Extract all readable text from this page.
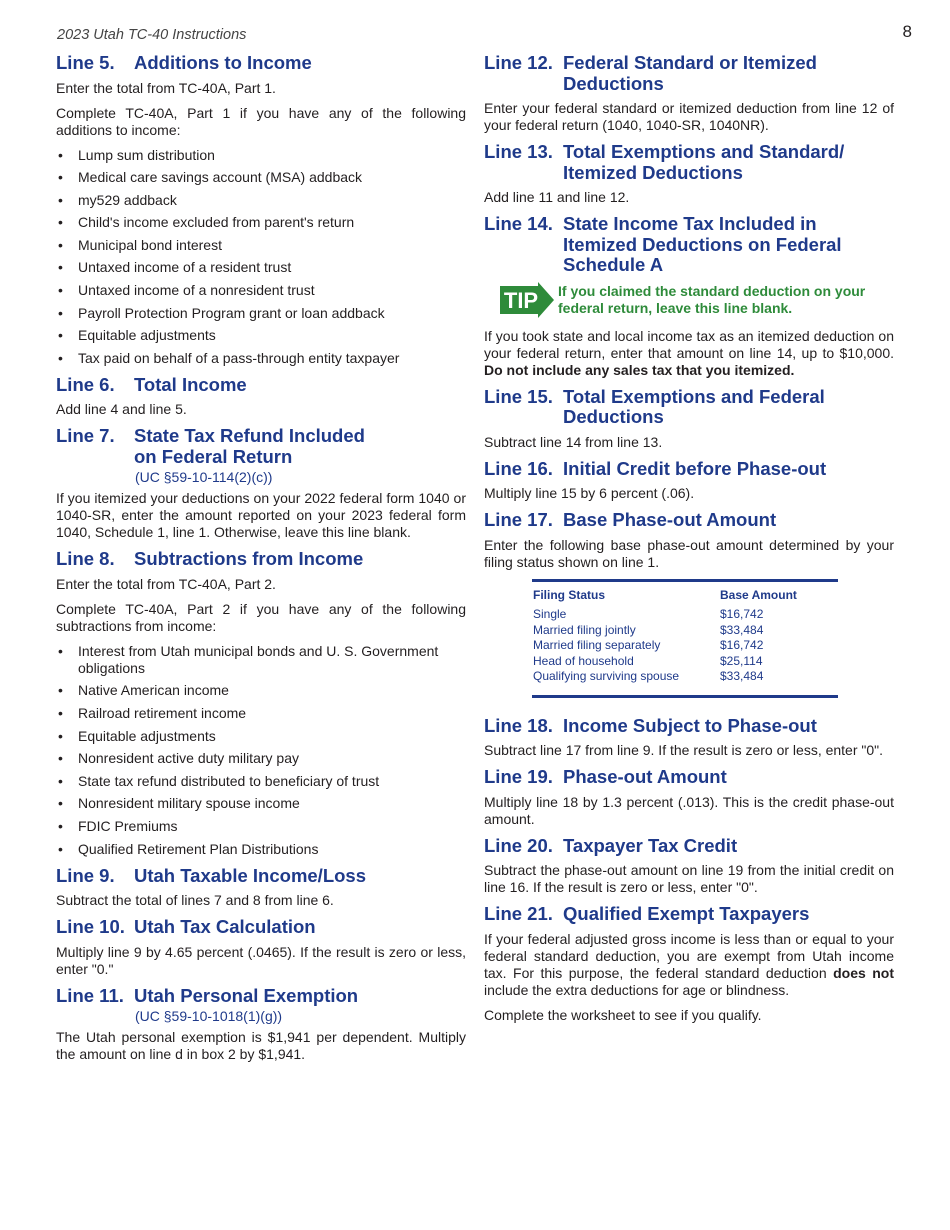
2023 Utah TC-40 Instructions	8
Line 5.	Additions to Income

Enter the total from TC-40A, Part 1.

Complete TC-40A, Part 1 if you have any of the following additions to income:

• Lump sum distribution
• Medical care savings account (MSA) addback
• my529 addback
• Child's income excluded from parent's return
• Municipal bond interest
• Untaxed income of a resident trust
• Untaxed income of a nonresident trust
• Payroll Protection Program grant or loan addback
• Equitable adjustments
• Tax paid on behalf of a pass-through entity taxpayer
Line 6.	Total Income

Add line 4 and line 5.

Line 7.	State Tax Refund Included on Federal Return
(UC §59-10-114(2)(c))

If you itemized your deductions on your 2022 federal form 1040 or 1040-SR, enter the amount reported on your 2023 federal form 1040, Schedule 1, line 1. Otherwise, leave this line blank.

Line 8.	Subtractions from Income

Enter the total from TC-40A, Part 2.

Complete TC-40A, Part 2 if you have any of the following subtractions from income:

• Interest from Utah municipal bonds and U. S. Government obligations
• Native American income
• Railroad retirement income
• Equitable adjustments
• Nonresident active duty military pay
• State tax refund distributed to beneficiary of trust
• Nonresident military spouse income
• FDIC Premiums
• Qualified Retirement Plan Distributions
Line 9.	Utah Taxable Income/Loss

Subtract the total of lines 7 and 8 from line 6.

Line 10. Utah Tax Calculation

Multiply line 9 by 4.65 percent (.0465). If the result is zero or less, enter "0."

Line 11. Utah Personal Exemption
(UC §59-10-1018(1)(g))

The Utah personal exemption is $1,941 per dependent. Multiply the amount on line d in box 2 by $1,941.

Line 12. Federal Standard or Itemized Deductions

Enter your federal standard or itemized deduction from line 12 of your federal return (1040, 1040-SR, 1040NR).

Line 13. Total Exemptions and Standard/ Itemized Deductions

Add line 11 and line 12.

Line 14. State Income Tax Included in Itemized Deductions on Federal Schedule A
TIP If you claimed the standard deduction on your federal return, leave this line blank.

If you took state and local income tax as an itemized deduction on your federal return, enter that amount on line 14, up to $10,000. Do not include any sales tax that you itemized.

Line 15. Total Exemptions and Federal Deductions

Subtract line 14 from line 13.

Line 16. Initial Credit before Phase-out

Multiply line 15 by 6 percent (.06).

Line 17. Base Phase-out Amount

Enter the following base phase-out amount determined by your filing status shown on line 1.

Filing Status	Base Amount
Single	$16,742
Married filing jointly	$33,484
Married filing separately	$16,742
Head of household	$25,114
Qualifying surviving spouse	$33,484
Line 18. Income Subject to Phase-out

Subtract line 17 from line 9. If the result is zero or less, enter "0".

Line 19. Phase-out Amount

Multiply line 18 by 1.3 percent (.013). This is the credit phase-out amount.

Line 20. Taxpayer Tax Credit

Subtract the phase-out amount on line 19 from the initial credit on line 16. If the result is zero or less, enter "0".

Line 21. Qualified Exempt Taxpayers

If your federal adjusted gross income is less than or equal to your federal standard deduction, you are exempt from Utah income tax. For this purpose, the federal standard deduction does not include the extra deductions for age or blindness.

Complete the worksheet to see if you qualify.
